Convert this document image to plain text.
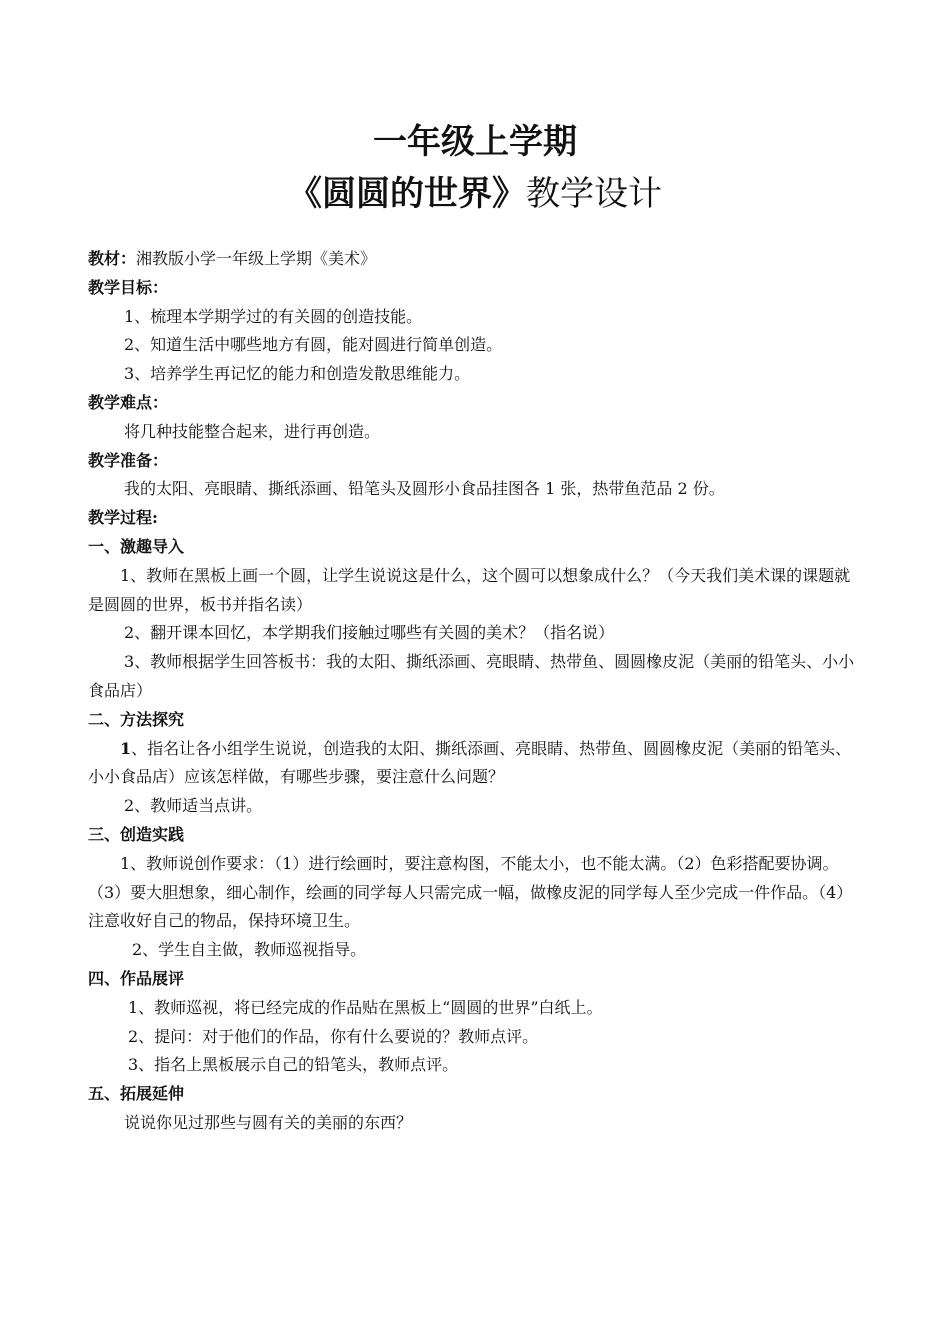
一年级上学期
《圆圆的世界》教学设计

教材：湘教版小学一年级上学期《美术》

教学目标：

1、梳理本学期学过的有关圆的创造技能。

2、知道生活中哪些地方有圆，能对圆进行简单创造。

3、培养学生再记忆的能力和创造发散思维能力。

教学难点：

将几种技能整合起来，进行再创造。

教学准备：

我的太阳、亮眼睛、撕纸添画、铅笔头及圆形小食品挂图各 1 张，热带鱼范品 2 份。

教学过程:

一、激趣导入

1、教师在黑板上画一个圆，让学生说说这是什么，这个圆可以想象成什么？（今天我们美术课的课题就是圆圆的世界，板书并指名读）

2、翻开课本回忆，本学期我们接触过哪些有关圆的美术？（指名说）

3、教师根据学生回答板书：我的太阳、撕纸添画、亮眼睛、热带鱼、圆圆橡皮泥（美丽的铅笔头、小小食品店）

二、方法探究

1、指名让各小组学生说说，创造我的太阳、撕纸添画、亮眼睛、热带鱼、圆圆橡皮泥（美丽的铅笔头、小小食品店）应该怎样做，有哪些步骤，要注意什么问题？

2、教师适当点讲。

三、创造实践

1、教师说创作要求：（1）进行绘画时，要注意构图，不能太小，也不能太满。（2）色彩搭配要协调。（3）要大胆想象，细心制作，绘画的同学每人只需完成一幅，做橡皮泥的同学每人至少完成一件作品。（4）注意收好自己的物品，保持环境卫生。

2、学生自主做，教师巡视指导。

四、作品展评

1、教师巡视，将已经完成的作品贴在黑板上“圆圆的世界”白纸上。

2、提问：对于他们的作品，你有什么要说的？教师点评。

3、指名上黑板展示自己的铅笔头，教师点评。

五、拓展延伸

说说你见过那些与圆有关的美丽的东西？
